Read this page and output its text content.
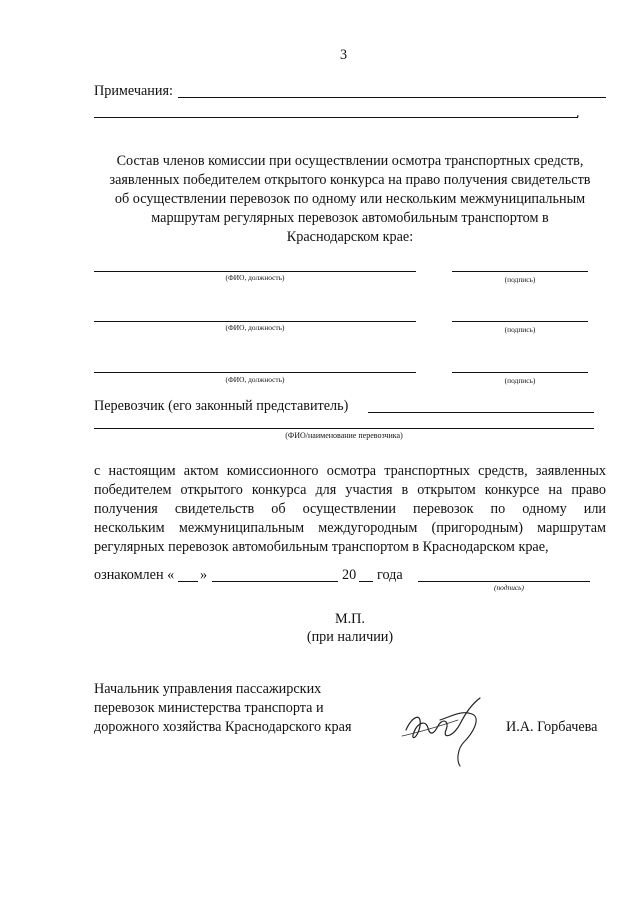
3
Примечания:
.
Состав членов комиссии при осуществлении осмотра транспортных средств,
заявленных победителем открытого конкурса на право получения свидетельств
об осуществлении перевозок по одному или нескольким межмуниципальным
маршрутам регулярных перевозок автомобильным транспортом в
Краснодарском крае:
(ФИО, должность)	(подпись)
(ФИО, должность)	(подпись)
(ФИО, должность)	(подпись)
Перевозчик (его законный представитель)
(ФИО/наименование перевозчика)
с настоящим актом комиссионного осмотра транспортных средств, заявленных
победителем открытого конкурса для участия в открытом конкурсе на право
получения свидетельств об осуществлении перевозок по одному или
нескольким межмуниципальным междугородным (пригородным) маршрутам
регулярных перевозок автомобильным транспортом в Краснодарском крае,
ознакомлен « »	20 года
(подпись)
М.П.
(при наличии)
Начальник управления пассажирских
перевозок министерства транспорта и
дорожного хозяйства Краснодарского края	И.А. Горбачева
